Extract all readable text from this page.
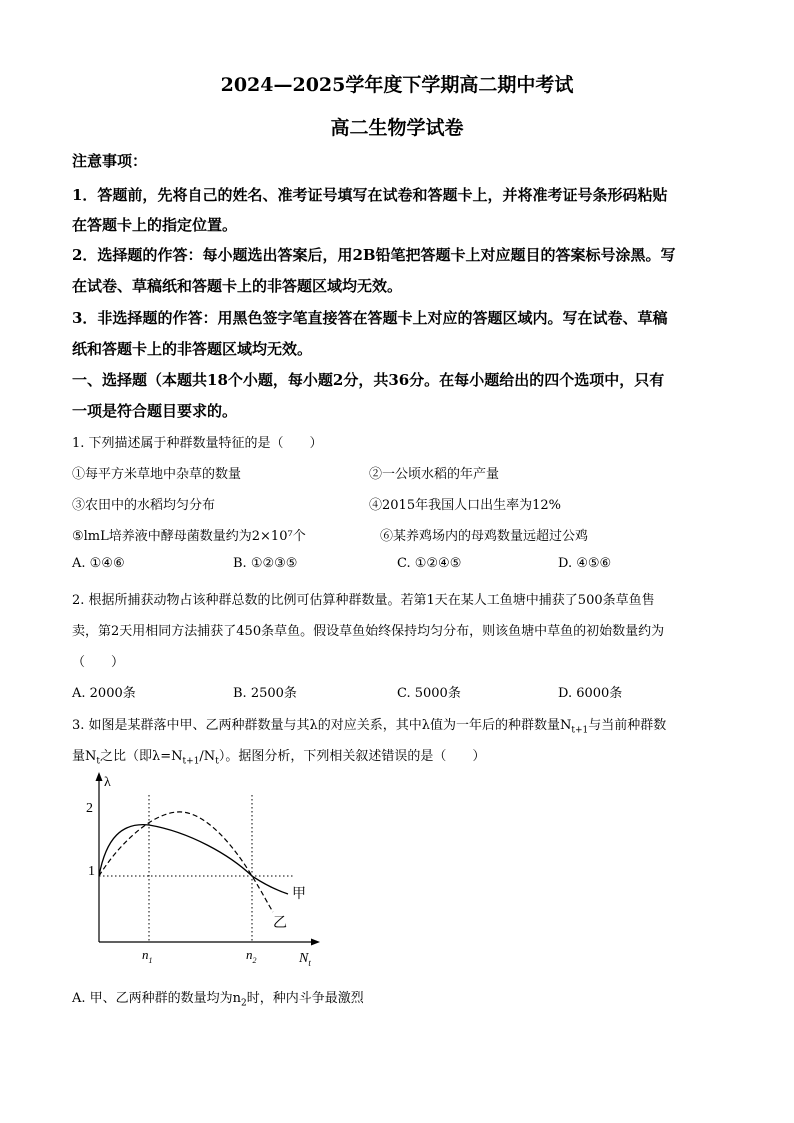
2024—2025学年度下学期高二期中考试
高二生物学试卷
注意事项：
1．答题前，先将自己的姓名、准考证号填写在试卷和答题卡上，并将准考证号条形码粘贴
在答题卡上的指定位置。
2．选择题的作答：每小题选出答案后，用2B铅笔把答题卡上对应题目的答案标号涂黑。写
在试卷、草稿纸和答题卡上的非答题区域均无效。
3．非选择题的作答：用黑色签字笔直接答在答题卡上对应的答题区域内。写在试卷、草稿
纸和答题卡上的非答题区域均无效。
一、选择题（本题共18个小题，每小题2分，共36分。在每小题给出的四个选项中，只有
一项是符合题目要求的。
1. 下列描述属于种群数量特征的是（　　）
①每平方米草地中杂草的数量	②一公顷水稻的年产量
③农田中的水稻均匀分布	④2015年我国人口出生率为12%
⑤lmL培养液中酵母菌数量约为2×10⁷个	⑥某养鸡场内的母鸡数量远超过公鸡
A. ①④⑥	B. ①②③⑤	C. ①②④⑤	D. ④⑤⑥
2. 根据所捕获动物占该种群总数的比例可估算种群数量。若第1天在某人工鱼塘中捕获了500条草鱼售
卖，第2天用相同方法捕获了450条草鱼。假设草鱼始终保持均匀分布，则该鱼塘中草鱼的初始数量约为
（　　）
A. 2000条	B. 2500条	C. 5000条	D. 6000条
3. 如图是某群落中甲、乙两种群数量与其λ的对应关系，其中λ值为一年后的种群数量$N_{t+1}$与当前种群数
量$N_t$之比（即$\lambda=N_{t+1}/N_t$）。据图分析，下列相关叙述错误的是（　　）
λ
$N_t$
2
1
$n_1$	$n_2$
甲
乙
A. 甲、乙两种群的数量均为$n_2$时，种内斗争最激烈
